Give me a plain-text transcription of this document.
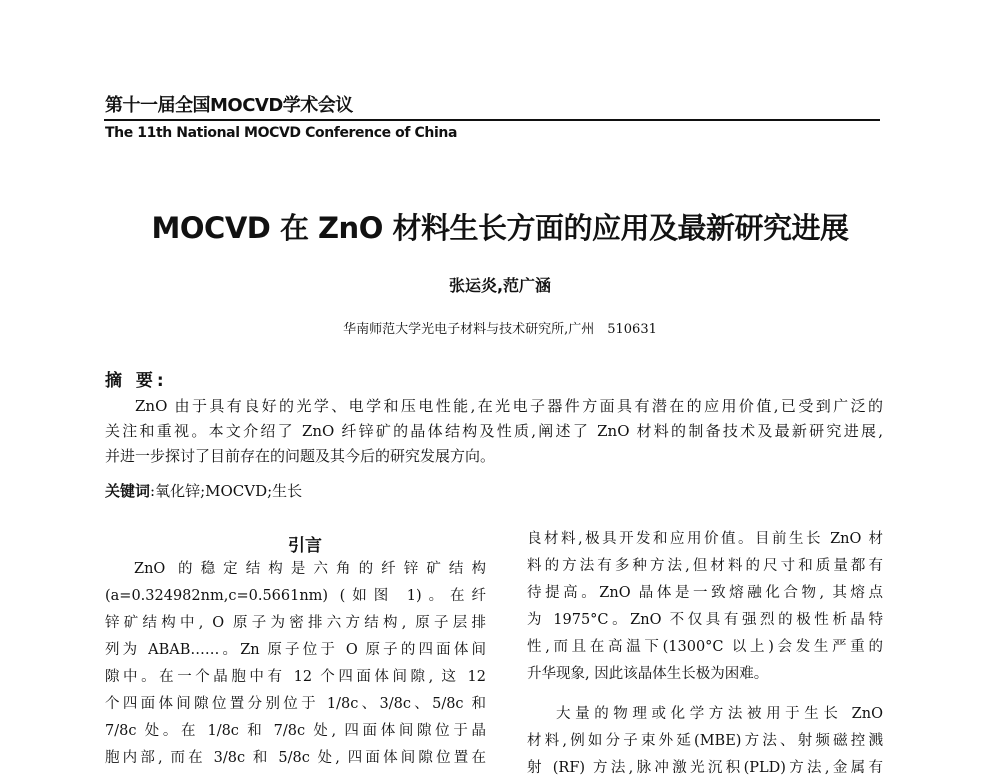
第十一届全国MOCVD学术会议
The 11th National MOCVD Conference of China
MOCVD 在 ZnO 材料生长方面的应用及最新研究进展
张运炎,范广涵
华南师范大学光电子材料与技术研究所,广州　510631
摘 要:
ZnO 由于具有良好的光学、电学和压电性能,在光电子器件方面具有潜在的应用价值,已受到广泛的
关注和重视。本文介绍了 ZnO 纤锌矿的晶体结构及性质,阐述了 ZnO 材料的制备技术及最新研究进展,
并进一步探讨了目前存在的问题及其今后的研究发展方向。
关键词:氧化锌;MOCVD;生长
引言
ZnO 的稳定结构是六角的纤锌矿结构
(a=0.324982nm,c=0.5661nm) (如图 1)。在纤
锌矿结构中, O 原子为密排六方结构, 原子层排
列为 ABAB……。Zn 原子位于 O 原子的四面体间
隙中。在一个晶胞中有 12 个四面体间隙, 这 12
个四面体间隙位置分别位于 1/8c、3/8c、5/8c 和
7/8c 处。在 1/8c 和 7/8c 处, 四面体间隙位于晶
胞内部, 而在 3/8c 和 5/8c 处, 四面体间隙位置在
良材料,极具开发和应用价值。目前生长 ZnO 材
料的方法有多种方法,但材料的尺寸和质量都有
待提高。ZnO 晶体是一致熔融化合物, 其熔点
为 1975°C。ZnO 不仅具有强烈的极性析晶特
性,而且在高温下(1300°C 以上)会发生严重的
升华现象, 因此该晶体生长极为困难。
大量的物理或化学方法被用于生长 ZnO
材料,例如分子束外延(MBE)方法、射频磁控溅
射 (RF) 方法,脉冲激光沉积(PLD)方法,金属有
